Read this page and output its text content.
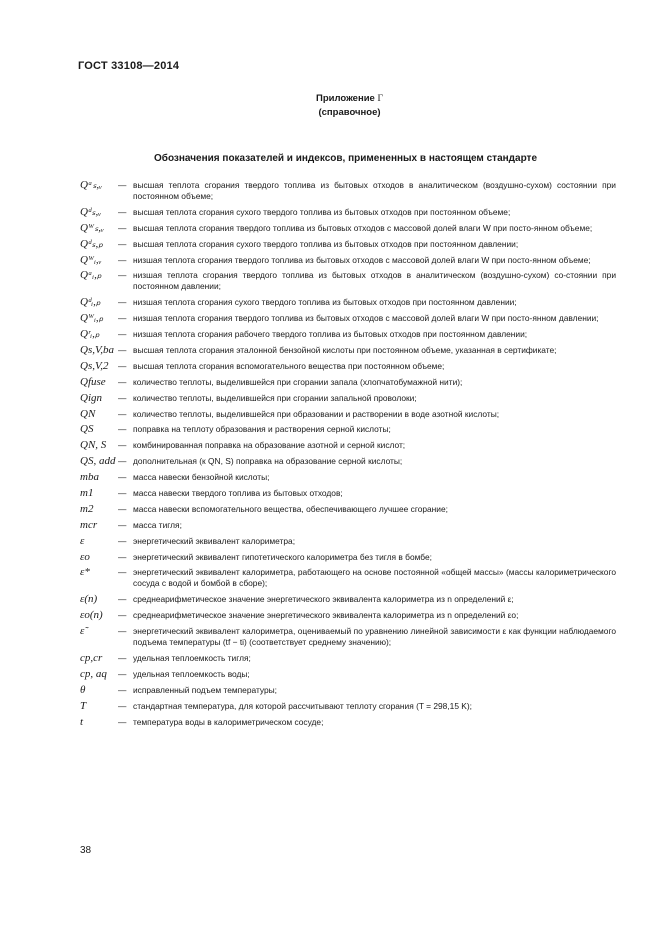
ГОСТ 33108—2014
Приложение Г
(справочное)
Обозначения показателей и индексов, примененных в настоящем стандарте
Qᵃₛ,ᵥ	— высшая теплота сгорания твердого топлива из бытовых отходов в аналитическом (воздушно-сухом) состоянии при постоянном объеме;
Qᵈₛ,ᵥ	— высшая теплота сгорания сухого твердого топлива из бытовых отходов при постоянном объеме;
Qᵂₛ,ᵥ	— высшая теплота сгорания твердого топлива из бытовых отходов с массовой долей влаги W при посто-янном объеме;
Qᵈₛ,ₚ	— высшая теплота сгорания сухого твердого топлива из бытовых отходов при постоянном давлении;
Qᵂᵢ,ᵥ	— низшая теплота сгорания твердого топлива из бытовых отходов с массовой долей влаги W при посто-янном объеме;
Qᵃᵢ,ₚ	— низшая теплота сгорания твердого топлива из бытовых отходов в аналитическом (воздушно-сухом) со-стоянии при постоянном давлении;
Qᵈᵢ,ₚ	— низшая теплота сгорания сухого твердого топлива из бытовых отходов при постоянном давлении;
Qᵂᵢ,ₚ	— низшая теплота сгорания твердого топлива из бытовых отходов с массовой долей влаги W при посто-янном давлении;
Qʳᵢ,ₚ	— низшая теплота сгорания рабочего твердого топлива из бытовых отходов при постоянном давлении;
Qs,V,ba — высшая теплота сгорания эталонной бензойной кислоты при постоянном объеме, указанная в сертификате;
Qs,V,2	— высшая теплота сгорания вспомогательного вещества при постоянном объеме;
Qfuse	— количество теплоты, выделившейся при сгорании запала (хлопчатобумажной нити);
Qign	— количество теплоты, выделившейся при сгорании запальной проволоки;
QN	— количество теплоты, выделившейся при образовании и растворении в воде азотной кислоты;
QS	— поправка на теплоту образования и растворения серной кислоты;
QN, S	— комбинированная поправка на образование азотной и серной кислот;
QS, add — дополнительная (к QN, S) поправка на образование серной кислоты;
mba	— масса навески бензойной кислоты;
m1	— масса навески твердого топлива из бытовых отходов;
m2	— масса навески вспомогательного вещества, обеспечивающего лучшее сгорание;
mcr	— масса тигля;
ε	— энергетический эквивалент калориметра;
εo	— энергетический эквивалент гипотетического калориметра без тигля в бомбе;
ε*	— энергетический эквивалент калориметра, работающего на основе постоянной «общей массы» (массы калориметрического сосуда с водой и бомбой в сборе);
ε(n)	— среднеарифметическое значение энергетического эквивалента калориметра из n определений ε;
εo(n)	— среднеарифметическое значение энергетического эквивалента калориметра из n определений εo;
ε̃	— энергетический эквивалент калориметра, оцениваемый по уравнению линейной зависимости ε как функции наблюдаемого подъема температуры (tf − ti) (соответствует среднему значению);
cp,cr	— удельная теплоемкость тигля;
cp, aq	— удельная теплоемкость воды;
θ	— исправленный подъем температуры;
T	— стандартная температура, для которой рассчитывают теплоту сгорания (T = 298,15 K);
t	— температура воды в калориметрическом сосуде;
38
